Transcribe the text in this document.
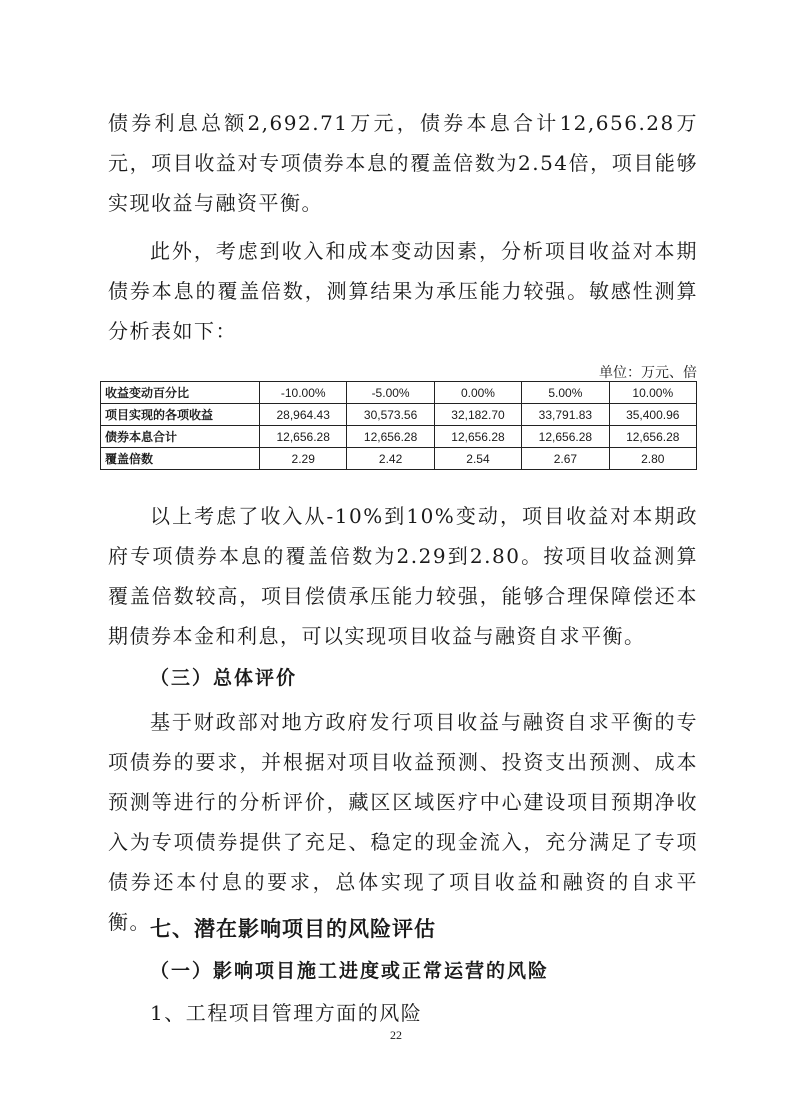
债券利息总额2,692.71万元，债券本息合计12,656.28万元，项目收益对专项债券本息的覆盖倍数为2.54倍，项目能够实现收益与融资平衡。

此外，考虑到收入和成本变动因素，分析项目收益对本期债券本息的覆盖倍数，测算结果为承压能力较强。敏感性测算分析表如下：

单位：万元、倍
收益变动百分比	-10.00%	-5.00%	0.00%	5.00%	10.00%
项目实现的各项收益	28,964.43	30,573.56	32,182.70	33,791.83	35,400.96
债券本息合计	12,656.28	12,656.28	12,656.28	12,656.28	12,656.28
覆盖倍数	2.29	2.42	2.54	2.67	2.80

以上考虑了收入从-10%到10%变动，项目收益对本期政府专项债券本息的覆盖倍数为2.29到2.80。按项目收益测算覆盖倍数较高，项目偿债承压能力较强，能够合理保障偿还本期债券本金和利息，可以实现项目收益与融资自求平衡。

（三）总体评价

基于财政部对地方政府发行项目收益与融资自求平衡的专项债券的要求，并根据对项目收益预测、投资支出预测、成本预测等进行的分析评价，藏区区域医疗中心建设项目预期净收入为专项债券提供了充足、稳定的现金流入，充分满足了专项债券还本付息的要求，总体实现了项目收益和融资的自求平衡。 七、潜在影响项目的风险评估

（一）影响项目施工进度或正常运营的风险

1、工程项目管理方面的风险

22
